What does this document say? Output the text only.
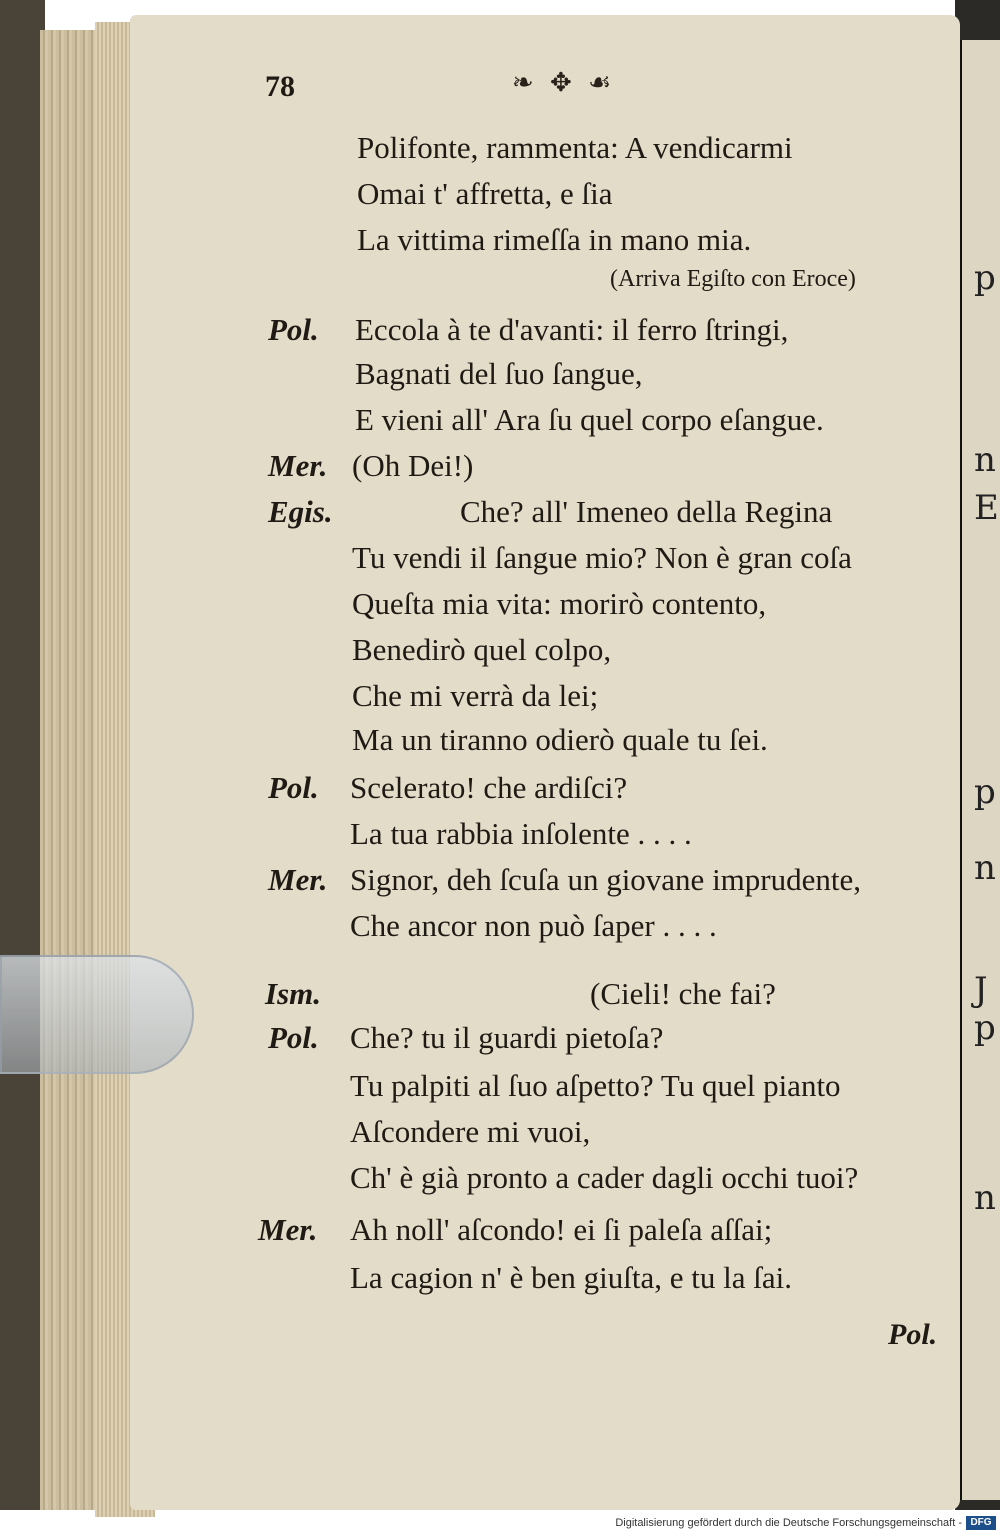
p
n
E
p
n
J
p
n
78	❧ ✥ ☙
Polifonte, rammenta: A vendicarmi
Omai t' affretta, e ſia
La vittima rimeſſa in mano mia.
(Arriva Egiſto con Eroce)
Eccola à te d'avanti: il ferro ſtringi,
Pol.
Bagnati del ſuo ſangue,
E vieni all' Ara ſu quel corpo eſangue.
(Oh Dei!)
Mer.
Che? all' Imeneo della Regina
Egis.
Tu vendi il ſangue mio? Non è gran coſa
Queſta mia vita: morirò contento,
Benedirò quel colpo,
Che mi verrà da lei;
Ma un tiranno odierò quale tu ſei.
Scelerato! che ardiſci?
Pol.
La tua rabbia inſolente . . . .
Signor, deh ſcuſa un giovane imprudente,
Mer.
Che ancor non può ſaper . . . .
(Cieli! che fai?
Ism.
Che? tu il guardi pietoſa?
Pol.
Tu palpiti al ſuo aſpetto? Tu quel pianto
Aſcondere mi vuoi,
Ch' è già pronto a cader dagli occhi tuoi?
Ah noll' aſcondo! ei ſi paleſa aſſai;
Mer.
La cagion n' è ben giuſta, e tu la ſai.
Pol.
Digitalisierung gefördert durch die Deutsche Forschungsgemeinschaft - DFG
